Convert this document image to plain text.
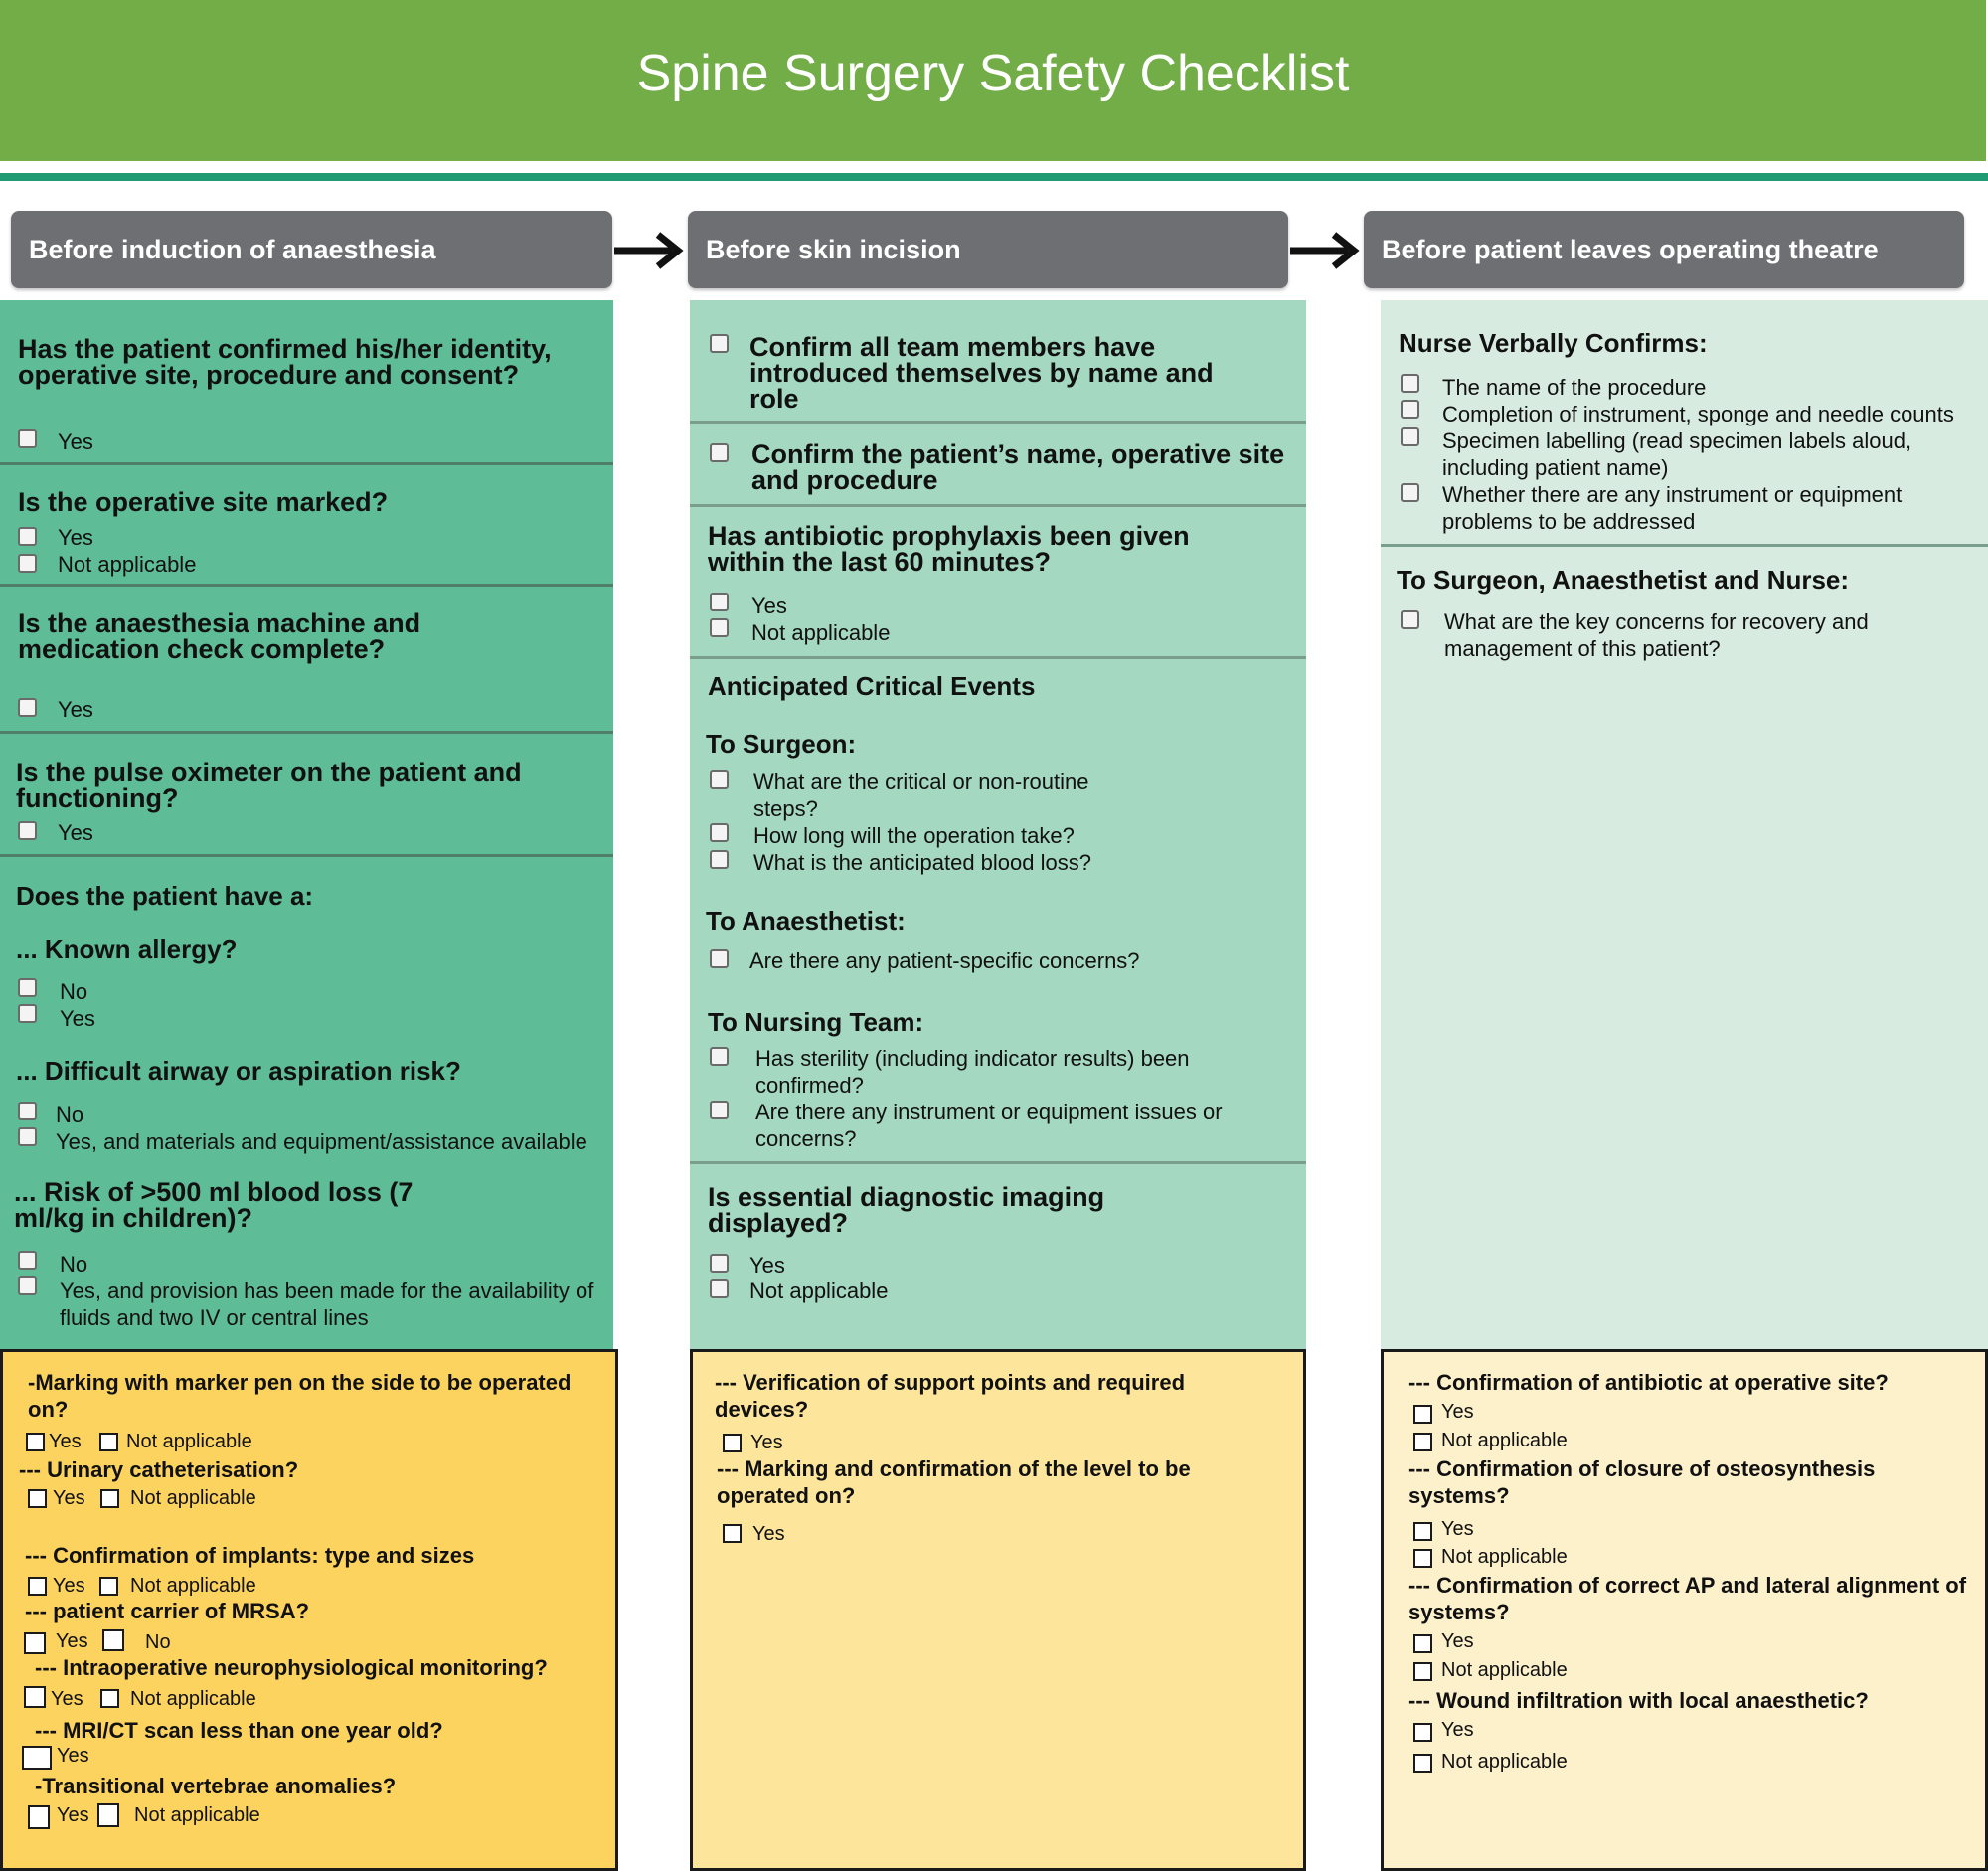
Spine Surgery Safety Checklist
Before induction of anaesthesia	Before skin incision	Before patient leaves operating theatre
Has the patient confirmed his/her identity, operative site, procedure and consent?
Yes
Is the operative site marked?
Yes
Not applicable
Is the anaesthesia machine and medication check complete?
Yes
Is the pulse oximeter on the patient and functioning?
Yes
Does the patient have a:
... Known allergy?
No
Yes
... Difficult airway or aspiration risk?
No
Yes, and materials and equipment/assistance available
... Risk of >500 ml blood loss (7 ml/kg in children)?
No
Yes, and provision has been made for the availability of fluids and two IV or central lines
Confirm all team members have introduced themselves by name and role
Confirm the patient’s name, operative site and procedure
Has antibiotic prophylaxis been given within the last 60 minutes?
Yes
Not applicable
Anticipated Critical Events
To Surgeon:
What are the critical or non-routine steps?
How long will the operation take?
What is the anticipated blood loss?
To Anaesthetist:
Are there any patient-specific concerns?
To Nursing Team:
Has sterility (including indicator results) been confirmed?
Are there any instrument or equipment issues or concerns?
Is essential diagnostic imaging displayed?
Yes
Not applicable
Nurse Verbally Confirms:
The name of the procedure
Completion of instrument, sponge and needle counts
Specimen labelling (read specimen labels aloud, including patient name)
Whether there are any instrument or equipment problems to be addressed
To Surgeon, Anaesthetist and Nurse:
What are the key concerns for recovery and management of this patient?
-Marking with marker pen on the side to be operated on?
Yes Not applicable
--- Urinary catheterisation?
Yes Not applicable
--- Confirmation of implants: type and sizes
Yes Not applicable
--- patient carrier of MRSA?
Yes	No
--- Intraoperative neurophysiological monitoring?
Yes Not applicable
--- MRI/CT scan less than one year old?
Yes
-Transitional vertebrae anomalies?
Yes Not applicable
--- Verification of support points and required devices?
Yes
--- Marking and confirmation of the level to be operated on?
Yes
--- Confirmation of antibiotic at operative site?
Yes
Not applicable
--- Confirmation of closure of osteosynthesis systems?
Yes
Not applicable
--- Confirmation of correct AP and lateral alignment of systems?
Yes
Not applicable
--- Wound infiltration with local anaesthetic?
Yes
Not applicable
